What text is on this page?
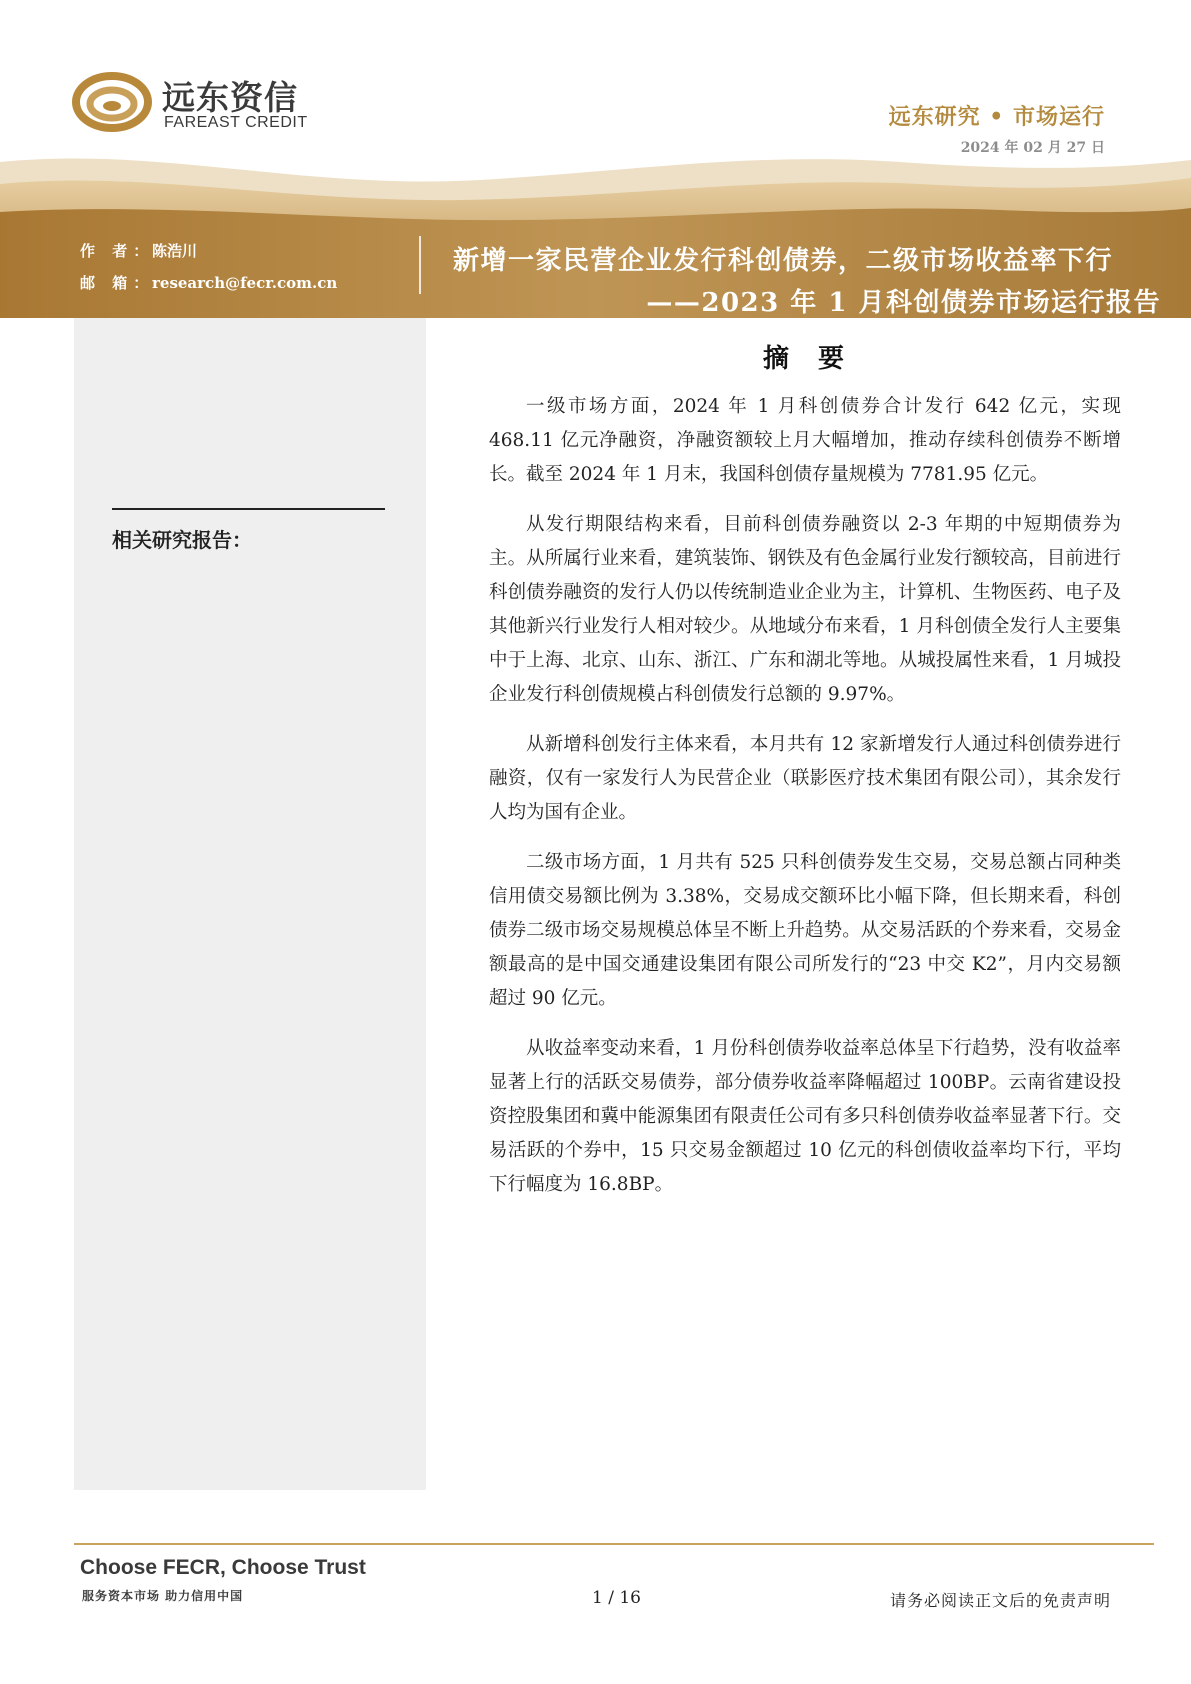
远东资信
FAREAST CREDIT	远东研究 • 市场运行
2024 年 02 月 27 日
作 者：
陈浩川
邮 箱：
research@fecr.com.cn
新增一家民营企业发行科创债券，二级市场收益率下行
——2023 年 1 月科创债券市场运行报告
相关研究报告：
摘 要

一级市场方面，2024 年 1 月科创债券合计发行 642 亿元，实现 468.11 亿元净融资，净融资额较上月大幅增加，推动存续科创债券不断增长。截至 2024 年 1 月末，我国科创债存量规模为 7781.95 亿元。

从发行期限结构来看，目前科创债券融资以 2-3 年期的中短期债券为主。从所属行业来看，建筑装饰、钢铁及有色金属行业发行额较高，目前进行科创债券融资的发行人仍以传统制造业企业为主，计算机、生物医药、电子及其他新兴行业发行人相对较少。从地域分布来看，1 月科创债全发行人主要集中于上海、北京、山东、浙江、广东和湖北等地。从城投属性来看，1 月城投企业发行科创债规模占科创债发行总额的 9.97%。

从新增科创发行主体来看，本月共有 12 家新增发行人通过科创债券进行融资，仅有一家发行人为民营企业（联影医疗技术集团有限公司），其余发行人均为国有企业。

二级市场方面，1 月共有 525 只科创债券发生交易，交易总额占同种类信用债交易额比例为 3.38%，交易成交额环比小幅下降，但长期来看，科创债券二级市场交易规模总体呈不断上升趋势。从交易活跃的个券来看，交易金额最高的是中国交通建设集团有限公司所发行的“23 中交 K2”，月内交易额超过 90 亿元。

从收益率变动来看，1 月份科创债券收益率总体呈下行趋势，没有收益率显著上行的活跃交易债券，部分债券收益率降幅超过 100BP。云南省建设投资控股集团和冀中能源集团有限责任公司有多只科创债券收益率显著下行。交易活跃的个券中，15 只交易金额超过 10 亿元的科创债收益率均下行，平均下行幅度为 16.8BP。

Choose FECR, Choose Trust
服务资本市场 助力信用中国	1 / 16	请务必阅读正文后的免责声明
